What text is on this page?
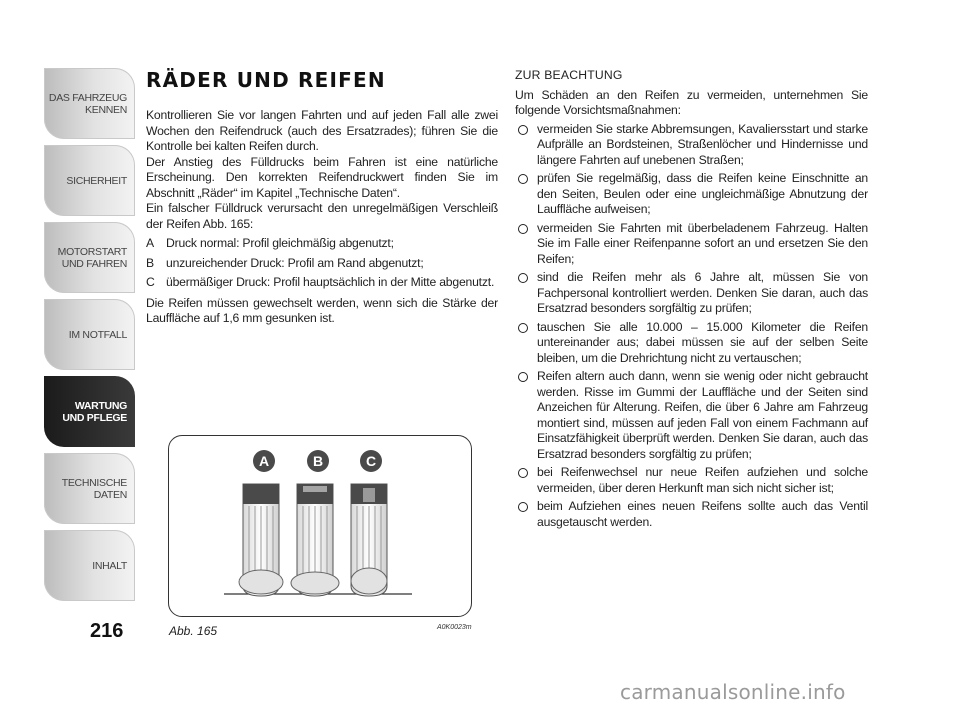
DAS FAHRZEUG
KENNEN
SICHERHEIT
MOTORSTART
UND FAHREN
IM NOTFALL
WARTUNG
UND PFLEGE
TECHNISCHE
DATEN
INHALT
216
RÄDER UND REIFEN

Kontrollieren Sie vor langen Fahrten und auf jeden Fall alle zwei Wochen den Reifendruck (auch des Ersatzrades); führen Sie die Kontrolle bei kalten Reifen durch.

Der Anstieg des Fülldrucks beim Fahren ist eine natürliche Erscheinung. Den korrekten Reifendruckwert finden Sie im Abschnitt „Räder“ im Kapitel „Technische Daten“.

Ein falscher Fülldruck verursacht den unregelmäßigen Verschleiß der Reifen Abb. 165:

A Druck normal: Profil gleichmäßig abgenutzt;
B unzureichender Druck: Profil am Rand abgenutzt;
C übermäßiger Druck: Profil hauptsächlich in der Mitte abgenutzt.

Die Reifen müssen gewechselt werden, wenn sich die Stärke der Lauffläche auf 1,6 mm gesunken ist.

A	B	C
Abb. 165	A0K0023m
ZUR BEACHTUNG
Um Schäden an den Reifen zu vermeiden, unternehmen Sie folgende Vorsichtsmaßnahmen:
vermeiden Sie starke Abbremsungen, Kavaliersstart und starke Aufprälle an Bordsteinen, Straßenlöcher und Hindernisse und längere Fahrten auf unebenen Straßen;
prüfen Sie regelmäßig, dass die Reifen keine Einschnitte an den Seiten, Beulen oder eine ungleichmäßige Abnutzung der Lauffläche aufweisen;
vermeiden Sie Fahrten mit überbeladenem Fahrzeug. Halten Sie im Falle einer Reifenpanne sofort an und ersetzen Sie den Reifen;
sind die Reifen mehr als 6 Jahre alt, müssen Sie von Fachpersonal kontrolliert werden. Denken Sie daran, auch das Ersatzrad besonders sorgfältig zu prüfen;
tauschen Sie alle 10.000 – 15.000 Kilometer die Reifen untereinander aus; dabei müssen sie auf der selben Seite bleiben, um die Drehrichtung nicht zu vertauschen;
Reifen altern auch dann, wenn sie wenig oder nicht gebraucht werden. Risse im Gummi der Lauffläche und der Seiten sind Anzeichen für Alterung. Reifen, die über 6 Jahre am Fahrzeug montiert sind, müssen auf jeden Fall von einem Fachmann auf Einsatzfähigkeit überprüft werden. Denken Sie daran, auch das Ersatzrad besonders sorgfältig zu prüfen;
bei Reifenwechsel nur neue Reifen aufziehen und solche vermeiden, über deren Herkunft man sich nicht sicher ist;
beim Aufziehen eines neuen Reifens sollte auch das Ventil ausgetauscht werden.
carmanualsonline.info
